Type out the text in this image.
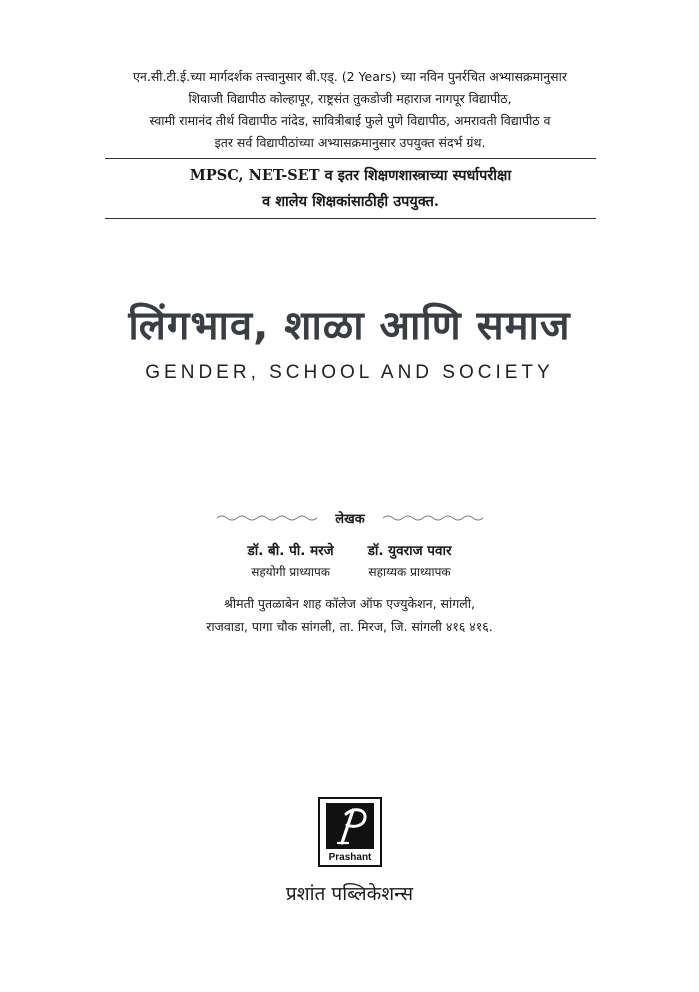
एन.सी.टी.ई.च्या मार्गदर्शक तत्त्वानुसार बी.एड्. (2 Years) च्या नविन पुनर्रचित अभ्यासक्रमानुसार
शिवाजी विद्यापीठ कोल्हापूर, राष्ट्रसंत तुकडोजी महाराज नागपूर विद्यापीठ,
स्वामी रामानंद तीर्थ विद्यापीठ नांदेड, सावित्रीबाई फुले पुणे विद्यापीठ, अमरावती विद्यापीठ व
इतर सर्व विद्यापीठांच्या अभ्यासक्रमानुसार उपयुक्त संदर्भ ग्रंथ.
MPSC, NET-SET व इतर शिक्षणशास्त्राच्या स्पर्धापरीक्षा
व शालेय शिक्षकांसाठीही उपयुक्त.
लिंगभाव, शाळा आणि समाज
GENDER, SCHOOL AND SOCIETY
लेखक
डॉ. बी. पी. मरजे
सहयोगी प्राध्यापक
डॉ. युवराज पवार
सहाय्यक प्राध्यापक
श्रीमती पुतळाबेन शाह कॉलेज ऑफ एज्युकेशन, सांगली,
राजवाडा, पागा चौक सांगली, ता. मिरज, जि. सांगली ४१६ ४१६.
Prashant
प्रशांत पब्लिकेशन्स
